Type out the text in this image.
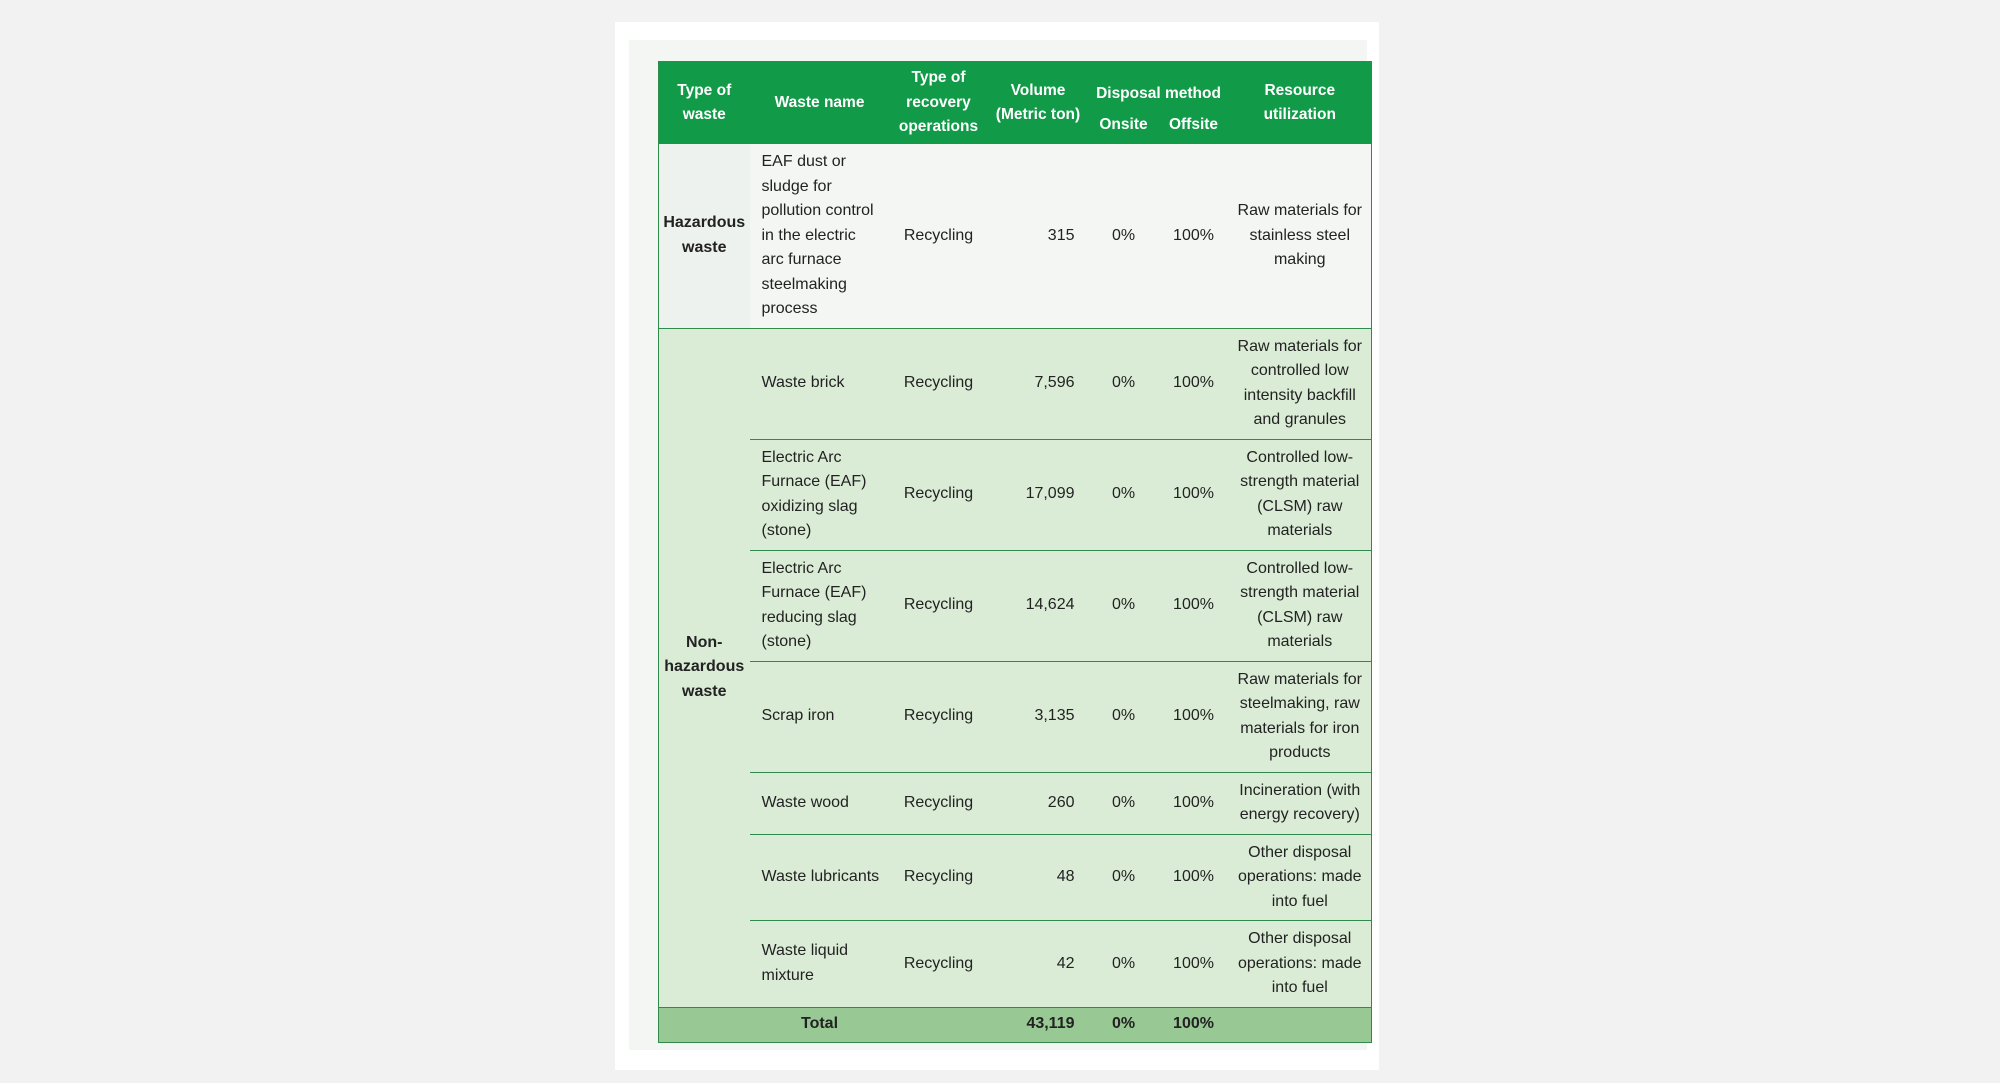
Type of waste	Waste name	Type of recovery operations	Volume (Metric ton)	Disposal method		Resource utilization
				Onsite	Offsite	
Hazardous waste	EAF dust or sludge for pollution control in the electric arc furnace steelmaking process	Recycling	315	0%	100%	Raw materials for stainless steel making
Non-hazardous waste	Waste brick	Recycling	7,596	0%	100%	Raw materials for controlled low intensity backfill and granules
	Electric Arc Furnace (EAF) oxidizing slag (stone)	Recycling	17,099	0%	100%	Controlled low-strength material (CLSM) raw materials
	Electric Arc Furnace (EAF) reducing slag (stone)	Recycling	14,624	0%	100%	Controlled low-strength material (CLSM) raw materials
	Scrap iron	Recycling	3,135	0%	100%	Raw materials for steelmaking, raw materials for iron products
	Waste wood	Recycling	260	0%	100%	Incineration (with energy recovery)
	Waste lubricants	Recycling	48	0%	100%	Other disposal operations: made into fuel
	Waste liquid mixture	Recycling	42	0%	100%	Other disposal operations: made into fuel
	Total		43,119	0%	100%	
